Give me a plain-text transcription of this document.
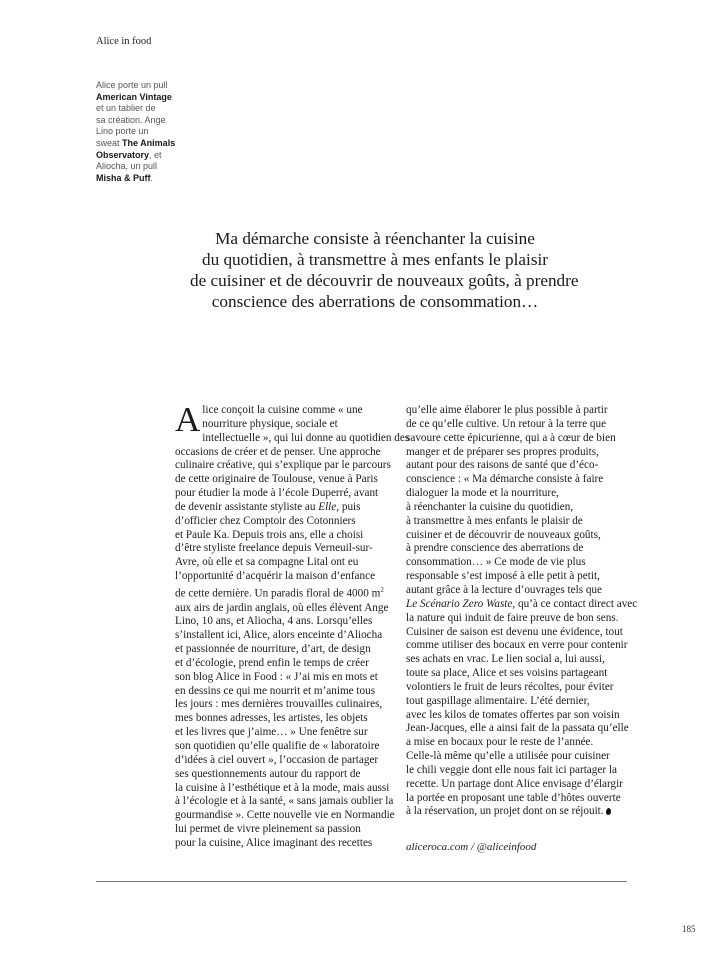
Alice in food
Alice porte un pull
American Vintage
et un tablier de
sa création. Ange
Lino porte un
sweat The Animals
Observatory, et
Aliocha, un pull
Misha & Puff.
Ma démarche consiste à réenchanter la cuisine
du quotidien, à transmettre à mes enfants le plaisir
de cuisiner et de découvrir de nouveaux goûts, à prendre
conscience des aberrations de consommation…
A lice conçoit la cuisine comme « une
nourriture physique, sociale et
intellectuelle », qui lui donne au quotidien des
occasions de créer et de penser. Une approche
culinaire créative, qui s’explique par le parcours
de cette originaire de Toulouse, venue à Paris
pour étudier la mode à l’école Duperré, avant
de devenir assistante styliste au Elle, puis
d’officier chez Comptoir des Cotonniers
et Paule Ka. Depuis trois ans, elle a choisi
d’être styliste freelance depuis Verneuil-sur-
Avre, où elle et sa compagne Lital ont eu
l’opportunité d’acquérir la maison d’enfance
de cette dernière. Un paradis floral de 4000 $m^2$
aux airs de jardin anglais, où elles élèvent Ange
Lino, 10 ans, et Aliocha, 4 ans. Lorsqu’elles
s’installent ici, Alice, alors enceinte d’Aliocha
et passionnée de nourriture, d’art, de design
et d’écologie, prend enfin le temps de créer
son blog Alice in Food : « J’ai mis en mots et
en dessins ce qui me nourrit et m’anime tous
les jours : mes dernières trouvailles culinaires,
mes bonnes adresses, les artistes, les objets
et les livres que j’aime… » Une fenêtre sur
son quotidien qu’elle qualifie de « laboratoire
d’idées à ciel ouvert », l’occasion de partager
ses questionnements autour du rapport de
la cuisine à l’esthétique et à la mode, mais aussi
à l’écologie et à la santé, « sans jamais oublier la
gourmandise ». Cette nouvelle vie en Normandie
lui permet de vivre pleinement sa passion
pour la cuisine, Alice imaginant des recettes
qu’elle aime élaborer le plus possible à partir
de ce qu’elle cultive. Un retour à la terre que
savoure cette épicurienne, qui a à cœur de bien
manger et de préparer ses propres produits,
autant pour des raisons de santé que d’éco-
conscience : « Ma démarche consiste à faire
dialoguer la mode et la nourriture,
à réenchanter la cuisine du quotidien,
à transmettre à mes enfants le plaisir de
cuisiner et de découvrir de nouveaux goûts,
à prendre conscience des aberrations de
consommation… » Ce mode de vie plus
responsable s’est imposé à elle petit à petit,
autant grâce à la lecture d’ouvrages tels que
Le Scénario Zero Waste, qu’à ce contact direct avec
la nature qui induit de faire preuve de bon sens.
Cuisiner de saison est devenu une évidence, tout
comme utiliser des bocaux en verre pour contenir
ses achats en vrac. Le lien social a, lui aussi,
toute sa place, Alice et ses voisins partageant
volontiers le fruit de leurs récoltes, pour éviter
tout gaspillage alimentaire. L’été dernier,
avec les kilos de tomates offertes par son voisin
Jean-Jacques, elle a ainsi fait de la passata qu’elle
a mise en bocaux pour le reste de l’année.
Celle-là même qu’elle a utilisée pour cuisiner
le chili veggie dont elle nous fait ici partager la
recette. Un partage dont Alice envisage d’élargir
la portée en proposant une table d’hôtes ouverte
à la réservation, un projet dont on se réjouit.
aliceroca.com / @aliceinfood
185
